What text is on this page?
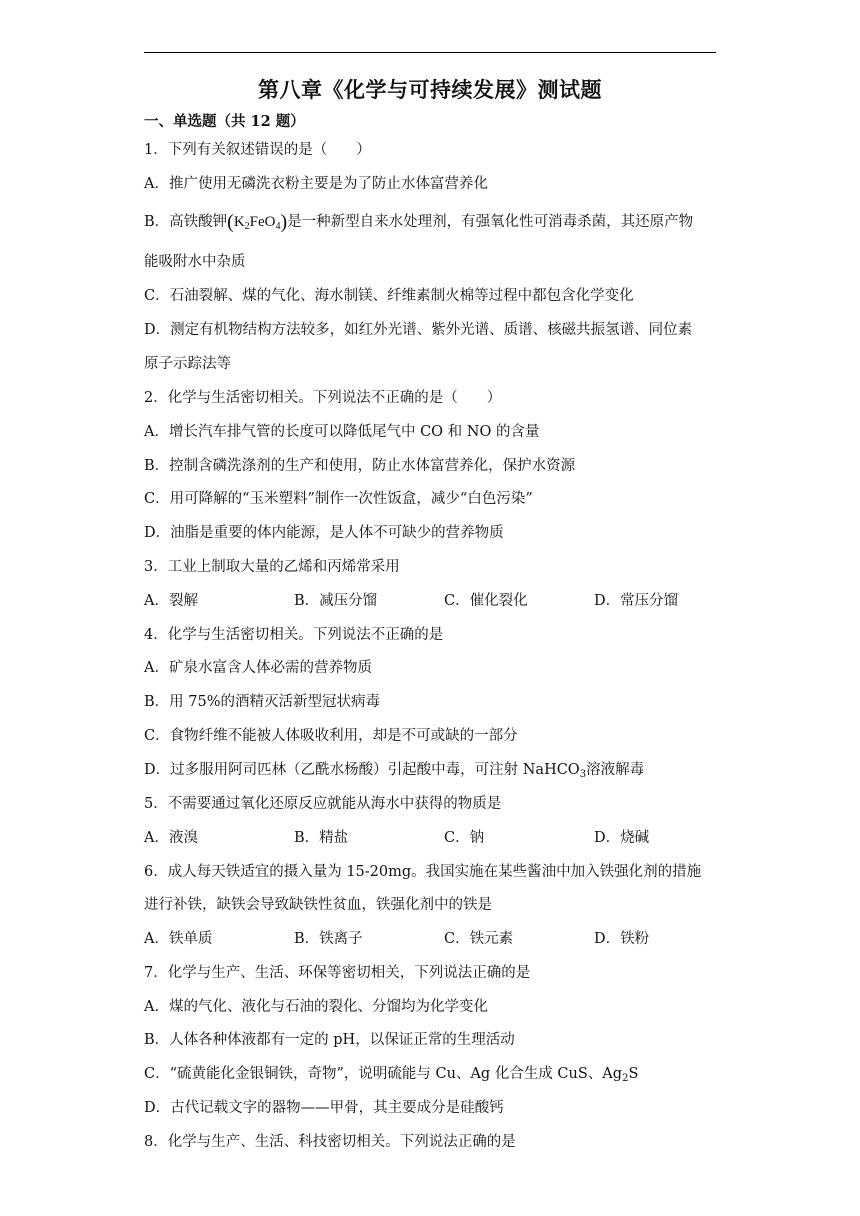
第八章《化学与可持续发展》测试题
一、单选题（共 12 题）
1．下列有关叙述错误的是（　　）
A．推广使用无磷洗衣粉主要是为了防止水体富营养化
B．高铁酸钾$(K_2FeO_4)$是一种新型自来水处理剂，有强氧化性可消毒杀菌，其还原产物
能吸附水中杂质
C．石油裂解、煤的气化、海水制镁、纤维素制火棉等过程中都包含化学变化
D．测定有机物结构方法较多，如红外光谱、紫外光谱、质谱、核磁共振氢谱、同位素
原子示踪法等
2．化学与生活密切相关。下列说法不正确的是（　　）
A．增长汽车排气管的长度可以降低尾气中 CO 和 NO 的含量
B．控制含磷洗涤剂的生产和使用，防止水体富营养化，保护水资源
C．用可降解的“玉米塑料”制作一次性饭盒，减少“白色污染”
D．油脂是重要的体内能源，是人体不可缺少的营养物质
3．工业上制取大量的乙烯和丙烯常采用
A．裂解	B．减压分馏	C．催化裂化	D．常压分馏
4．化学与生活密切相关。下列说法不正确的是
A．矿泉水富含人体必需的营养物质
B．用 75%的酒精灭活新型冠状病毒
C．食物纤维不能被人体吸收利用，却是不可或缺的一部分
D．过多服用阿司匹林（乙酰水杨酸）引起酸中毒，可注射 NaHCO$_3$溶液解毒
5．不需要通过氧化还原反应就能从海水中获得的物质是
A．液溴	B．精盐	C．钠	D．烧碱
6．成人每天铁适宜的摄入量为 15-20mg。我国实施在某些酱油中加入铁强化剂的措施
进行补铁，缺铁会导致缺铁性贫血，铁强化剂中的铁是
A．铁单质	B．铁离子	C．铁元素	D．铁粉
7．化学与生产、生活、环保等密切相关，下列说法正确的是
A．煤的气化、液化与石油的裂化、分馏均为化学变化
B．人体各种体液都有一定的 pH，以保证正常的生理活动
C．“硫黄能化金银铜铁，奇物”，说明硫能与 Cu、Ag 化合生成 CuS、$Ag_2S$
D．古代记载文字的器物——甲骨，其主要成分是硅酸钙
8．化学与生产、生活、科技密切相关。下列说法正确的是
